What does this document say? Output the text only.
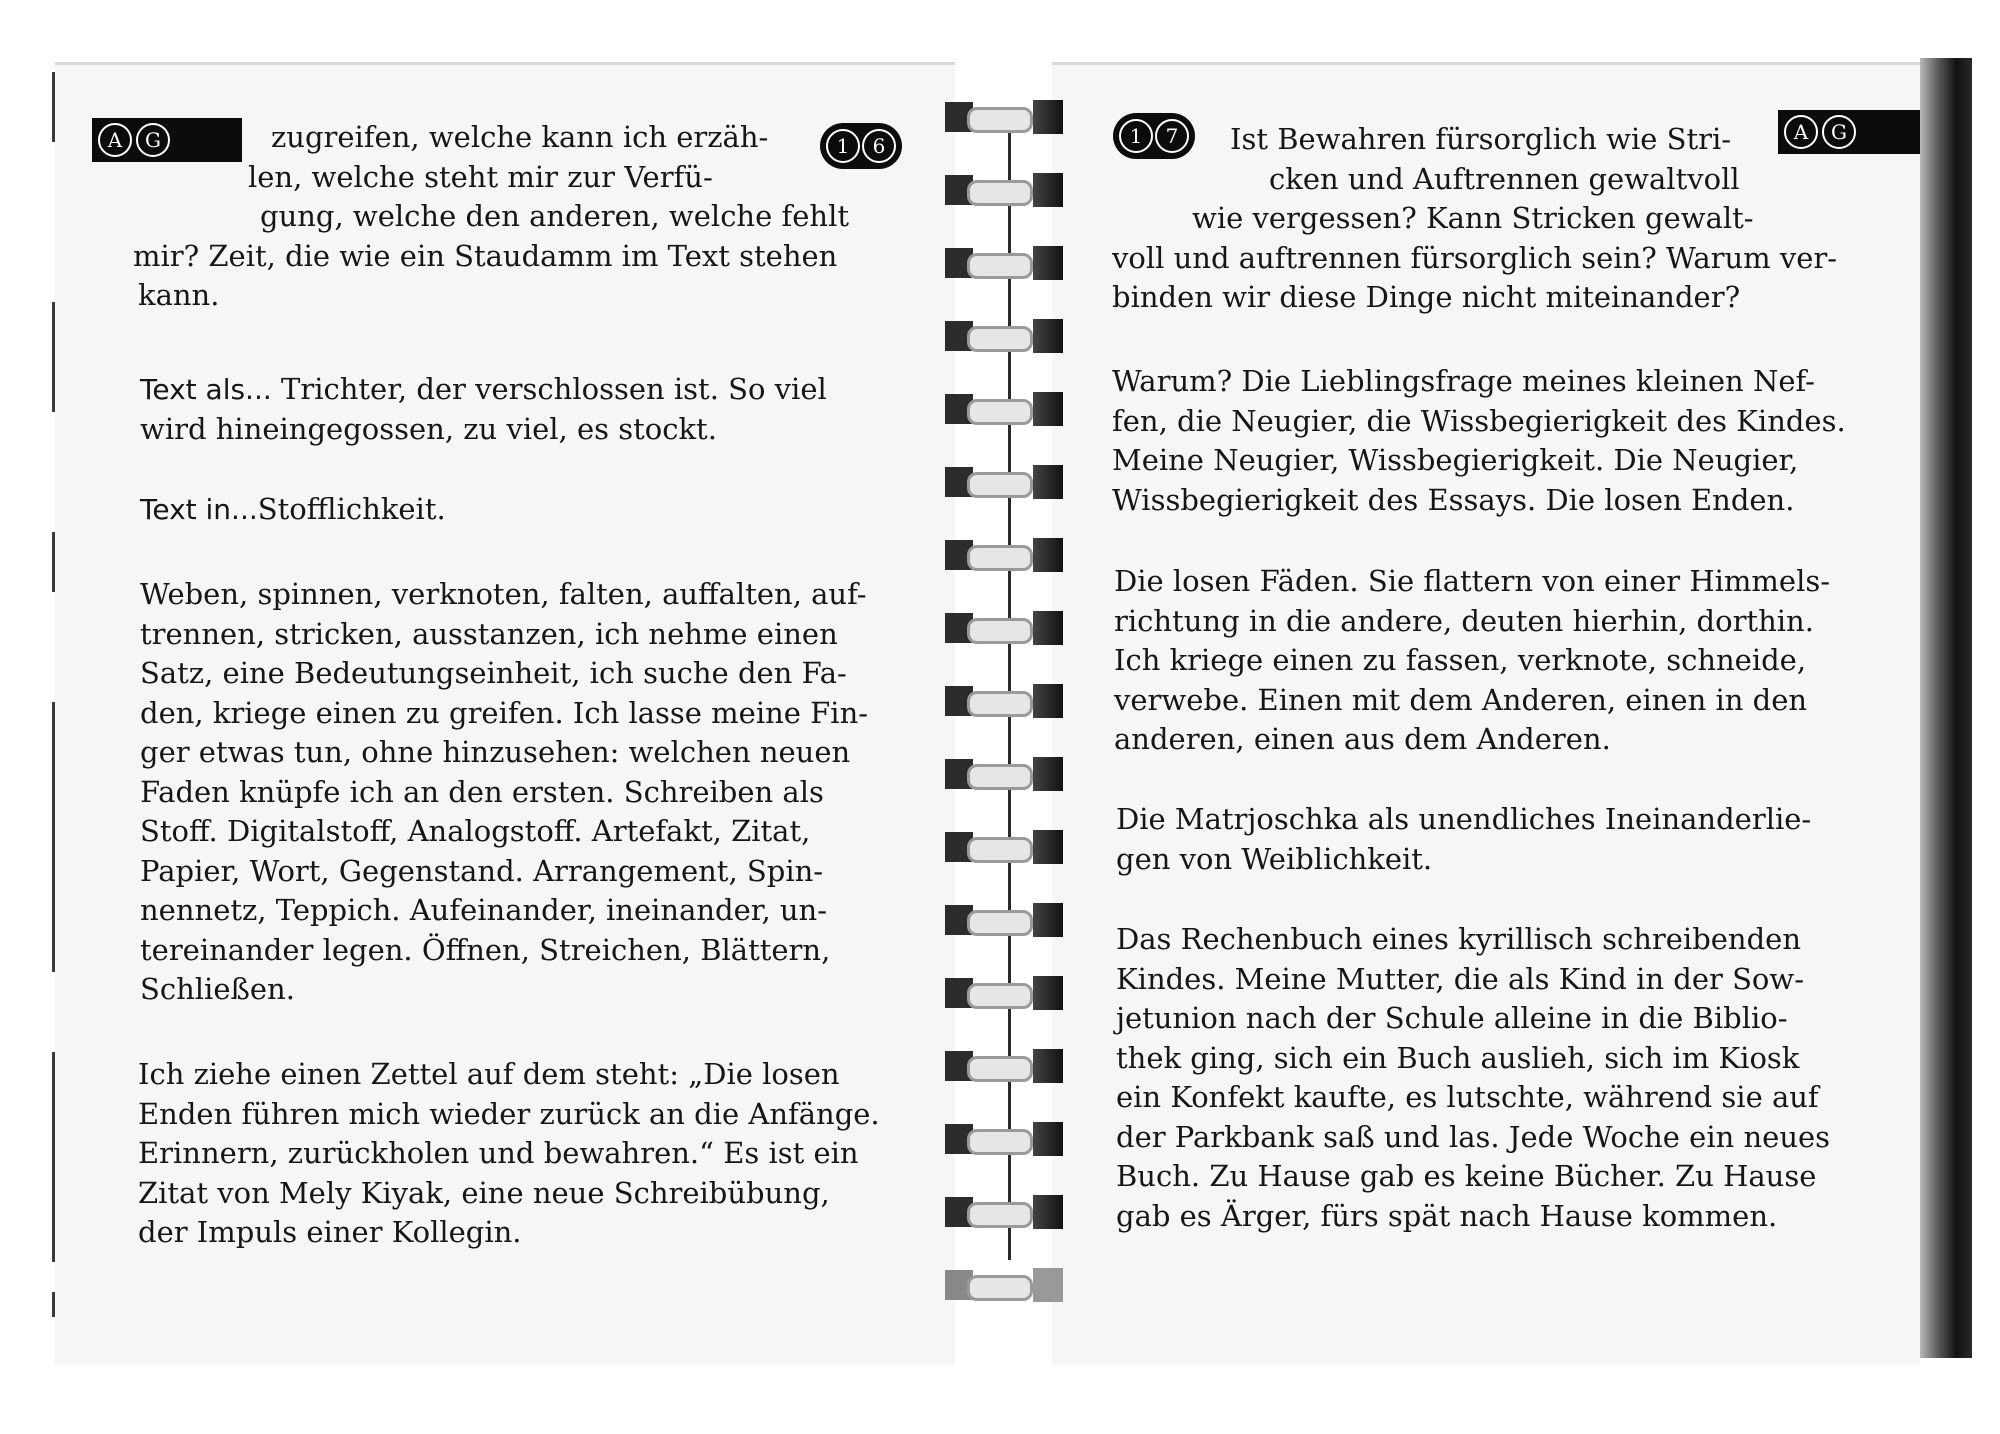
A	G	1	6
zugreifen, welche kann ich erzäh-
len, welche steht mir zur Verfü-
gung, welche den anderen, welche fehlt
mir? Zeit, die wie ein Staudamm im Text stehen
kann.
Text als... Trichter, der verschlossen ist. So viel
wird hineingegossen, zu viel, es stockt.
Text in...Stofflichkeit.
Weben, spinnen, verknoten, falten, auffalten, auf-
trennen, stricken, ausstanzen, ich nehme einen
Satz, eine Bedeutungseinheit, ich suche den Fa-
den, kriege einen zu greifen. Ich lasse meine Fin-
ger etwas tun, ohne hinzusehen: welchen neuen
Faden knüpfe ich an den ersten. Schreiben als
Stoff. Digitalstoff, Analogstoff. Artefakt, Zitat,
Papier, Wort, Gegenstand. Arrangement, Spin-
nennetz, Teppich. Aufeinander, ineinander, un-
tereinander legen. Öffnen, Streichen, Blättern,
Schließen.
Ich ziehe einen Zettel auf dem steht: „Die losen
Enden führen mich wieder zurück an die Anfänge.
Erinnern, zurückholen und bewahren.“ Es ist ein
Zitat von Mely Kiyak, eine neue Schreibübung,
der Impuls einer Kollegin.
1	7	A	G
Ist Bewahren fürsorglich wie Stri-
cken und Auftrennen gewaltvoll
wie vergessen? Kann Stricken gewalt-
voll und auftrennen fürsorglich sein? Warum ver-
binden wir diese Dinge nicht miteinander?
Warum? Die Lieblingsfrage meines kleinen Nef-
fen, die Neugier, die Wissbegierigkeit des Kindes.
Meine Neugier, Wissbegierigkeit. Die Neugier,
Wissbegierigkeit des Essays. Die losen Enden.
Die losen Fäden. Sie flattern von einer Himmels-
richtung in die andere, deuten hierhin, dorthin.
Ich kriege einen zu fassen, verknote, schneide,
verwebe. Einen mit dem Anderen, einen in den
anderen, einen aus dem Anderen.
Die Matrjoschka als unendliches Ineinanderlie-
gen von Weiblichkeit.
Das Rechenbuch eines kyrillisch schreibenden
Kindes. Meine Mutter, die als Kind in der Sow-
jetunion nach der Schule alleine in die Biblio-
thek ging, sich ein Buch auslieh, sich im Kiosk
ein Konfekt kaufte, es lutschte, während sie auf
der Parkbank saß und las. Jede Woche ein neues
Buch. Zu Hause gab es keine Bücher. Zu Hause
gab es Ärger, fürs spät nach Hause kommen.
